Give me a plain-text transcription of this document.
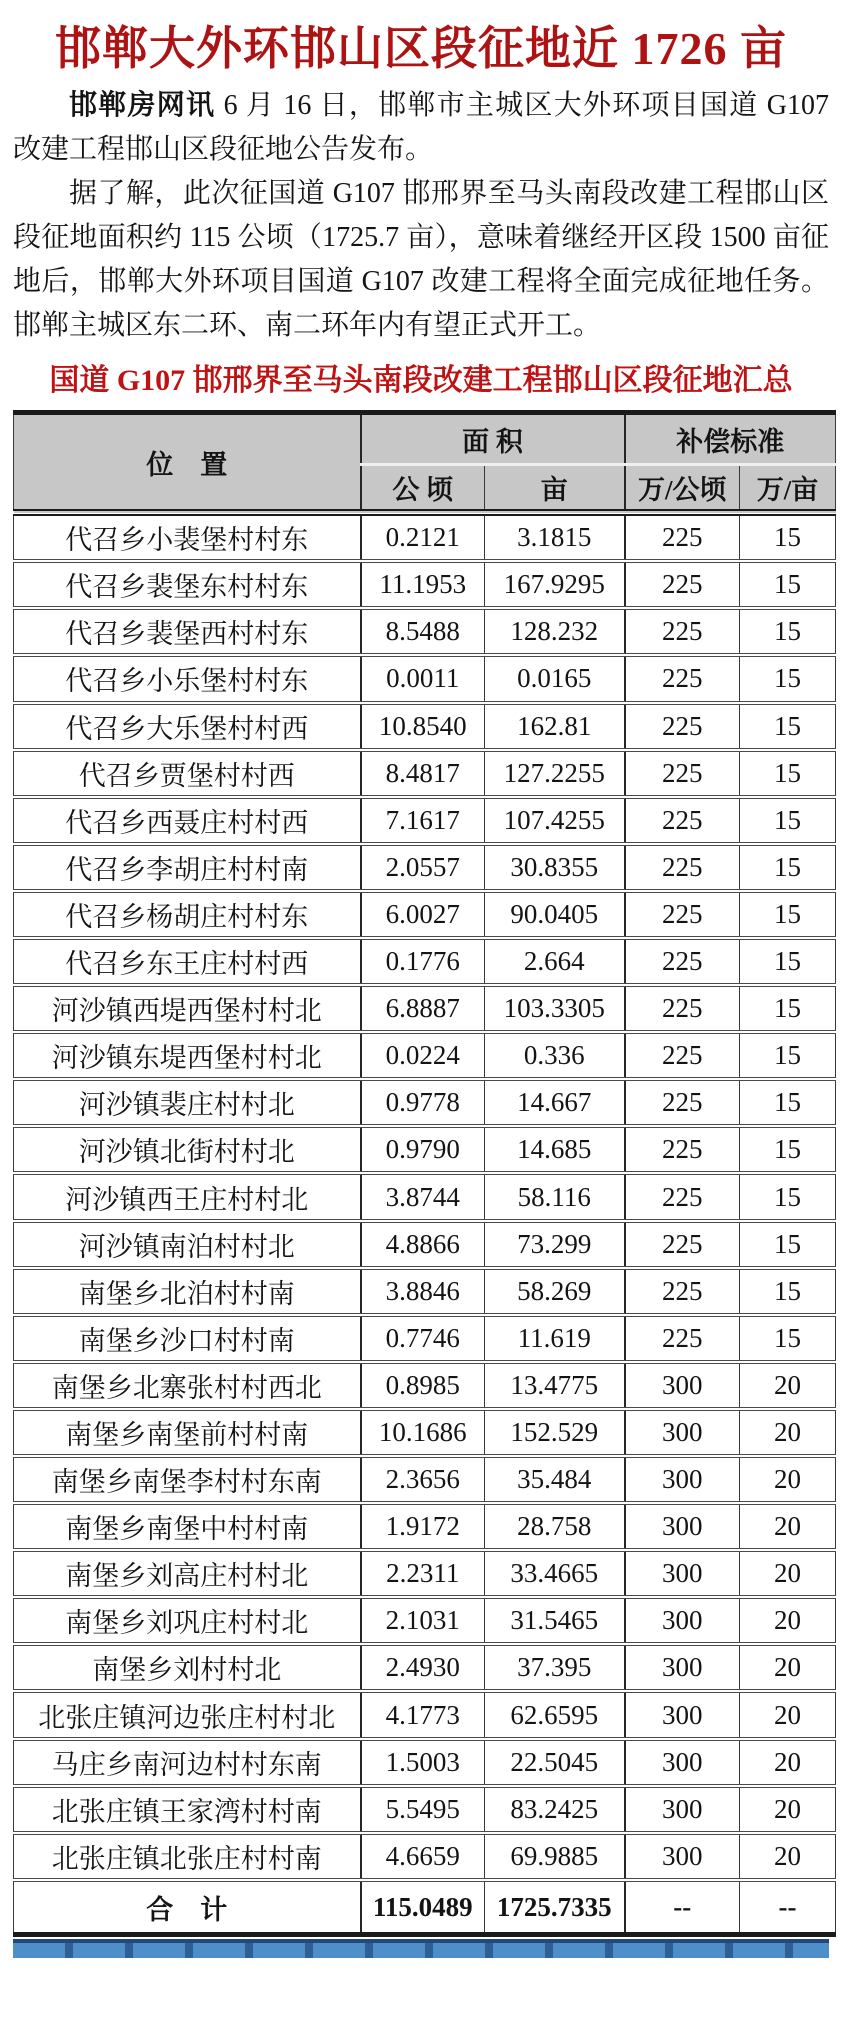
邯郸大外环邯山区段征地近 1726 亩

邯郸房网讯 6 月 16 日，邯郸市主城区大外环项目国道 G107 改建工程邯山区段征地公告发布。

据了解，此次征国道 G107 邯邢界至马头南段改建工程邯山区段征地面积约 115 公顷（1725.7 亩），意味着继经开区段 1500 亩征地后，邯郸大外环项目国道 G107 改建工程将全面完成征地任务。邯郸主城区东二环、南二环年内有望正式开工。

国道 G107 邯邢界至马头南段改建工程邯山区段征地汇总
位　置	面 积		补偿标准	
	公 顷	亩	万/公顷	万/亩
代召乡小裴堡村村东	0.2121	3.1815	225	15
代召乡裴堡东村村东	11.1953	167.9295	225	15
代召乡裴堡西村村东	8.5488	128.232	225	15
代召乡小乐堡村村东	0.0011	0.0165	225	15
代召乡大乐堡村村西	10.8540	162.81	225	15
代召乡贾堡村村西	8.4817	127.2255	225	15
代召乡西聂庄村村西	7.1617	107.4255	225	15
代召乡李胡庄村村南	2.0557	30.8355	225	15
代召乡杨胡庄村村东	6.0027	90.0405	225	15
代召乡东王庄村村西	0.1776	2.664	225	15
河沙镇西堤西堡村村北	6.8887	103.3305	225	15
河沙镇东堤西堡村村北	0.0224	0.336	225	15
河沙镇裴庄村村北	0.9778	14.667	225	15
河沙镇北街村村北	0.9790	14.685	225	15
河沙镇西王庄村村北	3.8744	58.116	225	15
河沙镇南泊村村北	4.8866	73.299	225	15
南堡乡北泊村村南	3.8846	58.269	225	15
南堡乡沙口村村南	0.7746	11.619	225	15
南堡乡北寨张村村西北	0.8985	13.4775	300	20
南堡乡南堡前村村南	10.1686	152.529	300	20
南堡乡南堡李村村东南	2.3656	35.484	300	20
南堡乡南堡中村村南	1.9172	28.758	300	20
南堡乡刘高庄村村北	2.2311	33.4665	300	20
南堡乡刘巩庄村村北	2.1031	31.5465	300	20
南堡乡刘村村北	2.4930	37.395	300	20
北张庄镇河边张庄村村北	4.1773	62.6595	300	20
马庄乡南河边村村东南	1.5003	22.5045	300	20
北张庄镇王家湾村村南	5.5495	83.2425	300	20
北张庄镇北张庄村村南	4.6659	69.9885	300	20
合　计	115.0489	1725.7335	--	--
